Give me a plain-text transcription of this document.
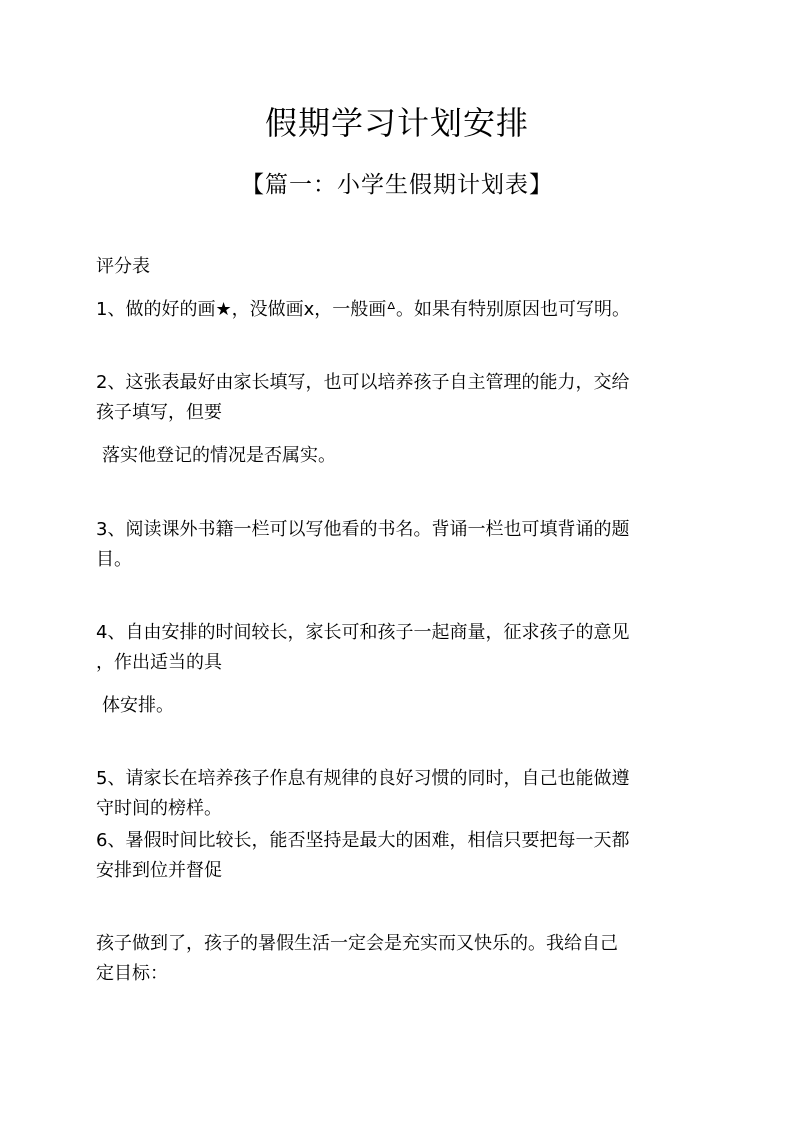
假期学习计划安排
【篇一：小学生假期计划表】
评分表
1、做的好的画★，没做画x，一般画ᐞ。如果有特别原因也可写明。
2、这张表最好由家长填写，也可以培养孩子自主管理的能力，交给
孩子填写，但要
落实他登记的情况是否属实。
3、阅读课外书籍一栏可以写他看的书名。背诵一栏也可填背诵的题
目。
4、自由安排的时间较长，家长可和孩子一起商量，征求孩子的意见
，作出适当的具
体安排。
5、请家长在培养孩子作息有规律的良好习惯的同时，自己也能做遵
守时间的榜样。
6、暑假时间比较长，能否坚持是最大的困难，相信只要把每一天都
安排到位并督促
孩子做到了，孩子的暑假生活一定会是充实而又快乐的。我给自己
定目标：
